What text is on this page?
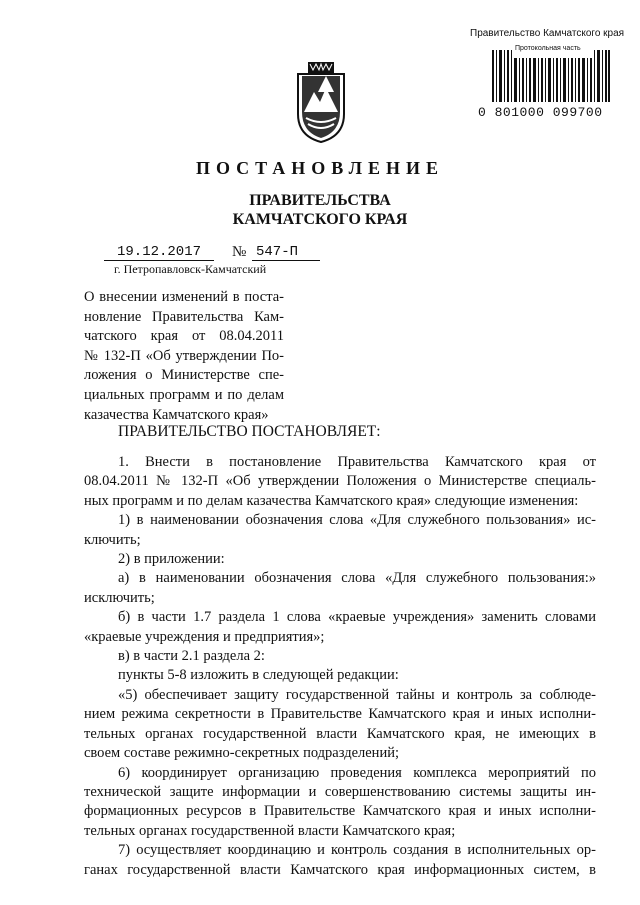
Правительство Камчатского края
Протокольная часть
0 801000 099700
ПОСТАНОВЛЕНИЕ
ПРАВИТЕЛЬСТВА
КАМЧАТСКОГО КРАЯ
19.12.2017	№ 547-П
г. Петропавловск-Камчатский
О внесении изменений в поста-
новление Правительства Кам-
чатского края от 08.04.2011
№ 132-П «Об утверждении По-
ложения о Министерстве спе-
циальных программ и по делам
казачества Камчатского края»
ПРАВИТЕЛЬСТВО ПОСТАНОВЛЯЕТ:
1. Внести в постановление Правительства Камчатского края от
08.04.2011 № 132-П «Об утверждении Положения о Министерстве специаль-
ных программ и по делам казачества Камчатского края» следующие изменения:
1) в наименовании обозначения слова «Для служебного пользования» ис-
ключить;
2) в приложении:
а) в наименовании обозначения слова «Для служебного пользования:»
исключить;
б) в части 1.7 раздела 1 слова «краевые учреждения» заменить словами
«краевые учреждения и предприятия»;
в) в части 2.1 раздела 2:
пункты 5-8 изложить в следующей редакции:
«5) обеспечивает защиту государственной тайны и контроль за соблюде-
нием режима секретности в Правительстве Камчатского края и иных исполни-
тельных органах государственной власти Камчатского края, не имеющих в
своем составе режимно-секретных подразделений;
6) координирует организацию проведения комплекса мероприятий по
технической защите информации и совершенствованию системы защиты ин-
формационных ресурсов в Правительстве Камчатского края и иных исполни-
тельных органах государственной власти Камчатского края;
7) осуществляет координацию и контроль создания в исполнительных ор-
ганах государственной власти Камчатского края информационных систем, в
